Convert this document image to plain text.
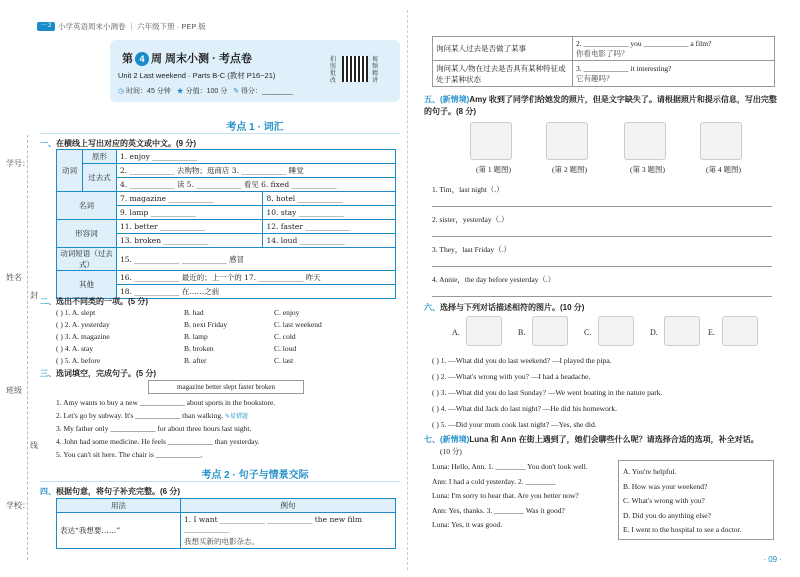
一 2 小学英语周末小测卷 ｜ 六年级下册 · PEP 版
学号：
姓名
封
班级
线
学校：
第 4 周 周末小测 · 考点卷
Unit 2 Last weekend · Parts B-C (教材 P16~21)
◷ 时间：45 分钟 ★ 分值：100 分 ✎ 得分：________
拍照批改
视频精讲
考点 1 · 词汇
一、在横线上写出对应的英文或中文。(9 分)
动词	原形	1. enjoy ____________
	过去式	2. ____________ 去购物；逛商店 3. ____________ 睡觉
		4. ____________ 读 5. ____________ 看见 6. fixed ____________
名词	7. magazine ____________	8. hotel ____________
	9. lamp ____________	10. stay ____________
形容词	11. better ____________	12. faster ____________
	13. broken ____________	14. loud ____________
动词短语（过去式）	15. ____________ ____________ 感冒	
其他	16. ____________ 最近的；上一个的 17. ____________ 昨天	
	18. ____________ 在……之前	
二、选出不同类的一项。(5 分)
( ) 1. A. slept	B. had	C. enjoy
( ) 2. A. yesterday	B. next Friday	C. last weekend
( ) 3. A. magazine	B. lamp	C. cold
( ) 4. A. stay	B. broken	C. loud
( ) 5. A. before	B. after	C. last
三、选词填空，完成句子。(5 分)
magazine better slept faster broken
1. Amy wants to buy a new ____________ about sports in the bookstore.
2. Let's go by subway. It's ____________ than walking. ✎易错题
3. My father only ____________ for about three hours last night.
4. John had some medicine. He feels ____________ than yesterday.
5. You can't sit here. The chair is ____________.
考点 2 · 句子与情景交际
四、根据句意，将句子补充完整。(6 分)
用法	例句
表达“我想要……”	1. I want ____________ ____________ the new film ____________
我想买新的电影杂志。
询问某人过去是否做了某事	2. ____________ you ____________ a film?
你看电影了吗？

询问某人/物在过去是否具有某种特征或处于某种状态	3. ____________ it interesting?
它有趣吗？
五、(新情境)Amy 收到了同学们给她发的照片，但是文字缺失了。请根据照片和提示信息，写出完整的句子。(8 分)
(第 1 题图)	(第 2 题图)	(第 3 题图)	(第 4 题图)
1. Tim，last night（.）
2. sister，yesterday（.）
3. They，last Friday（.）
4. Annie，the day before yesterday（.）
六、选择与下列对话描述相符的图片。(10 分)
A.	B.	C.	D.	E.
( ) 1. —What did you do last weekend? —I played the pipa.
( ) 2. —What's wrong with you? —I had a headache.
( ) 3. —What did you do last Sunday? —We went boating in the nature park.
( ) 4. —What did Jack do last night? —He did his homework.
( ) 5. —Did your mum cook last night? —Yes, she did.
七、(新情境)Luna 和 Ann 在街上遇到了，她们会聊些什么呢？请选择合适的选项，补全对话。
(10 分)
Luna: Hello, Ann. 1. ________ You don't look well.
Ann: I had a cold yesterday. 2. ________
Luna: I'm sorry to hear that. Are you better now?
Ann: Yes, thanks. 3. ________ Was it good?
Luna: Yes, it was good.
A. You're helpful.
B. How was your weekend?
C. What's wrong with you?
D. Did you do anything else?
E. I went to the hospital to see a doctor.
· 09 ·
